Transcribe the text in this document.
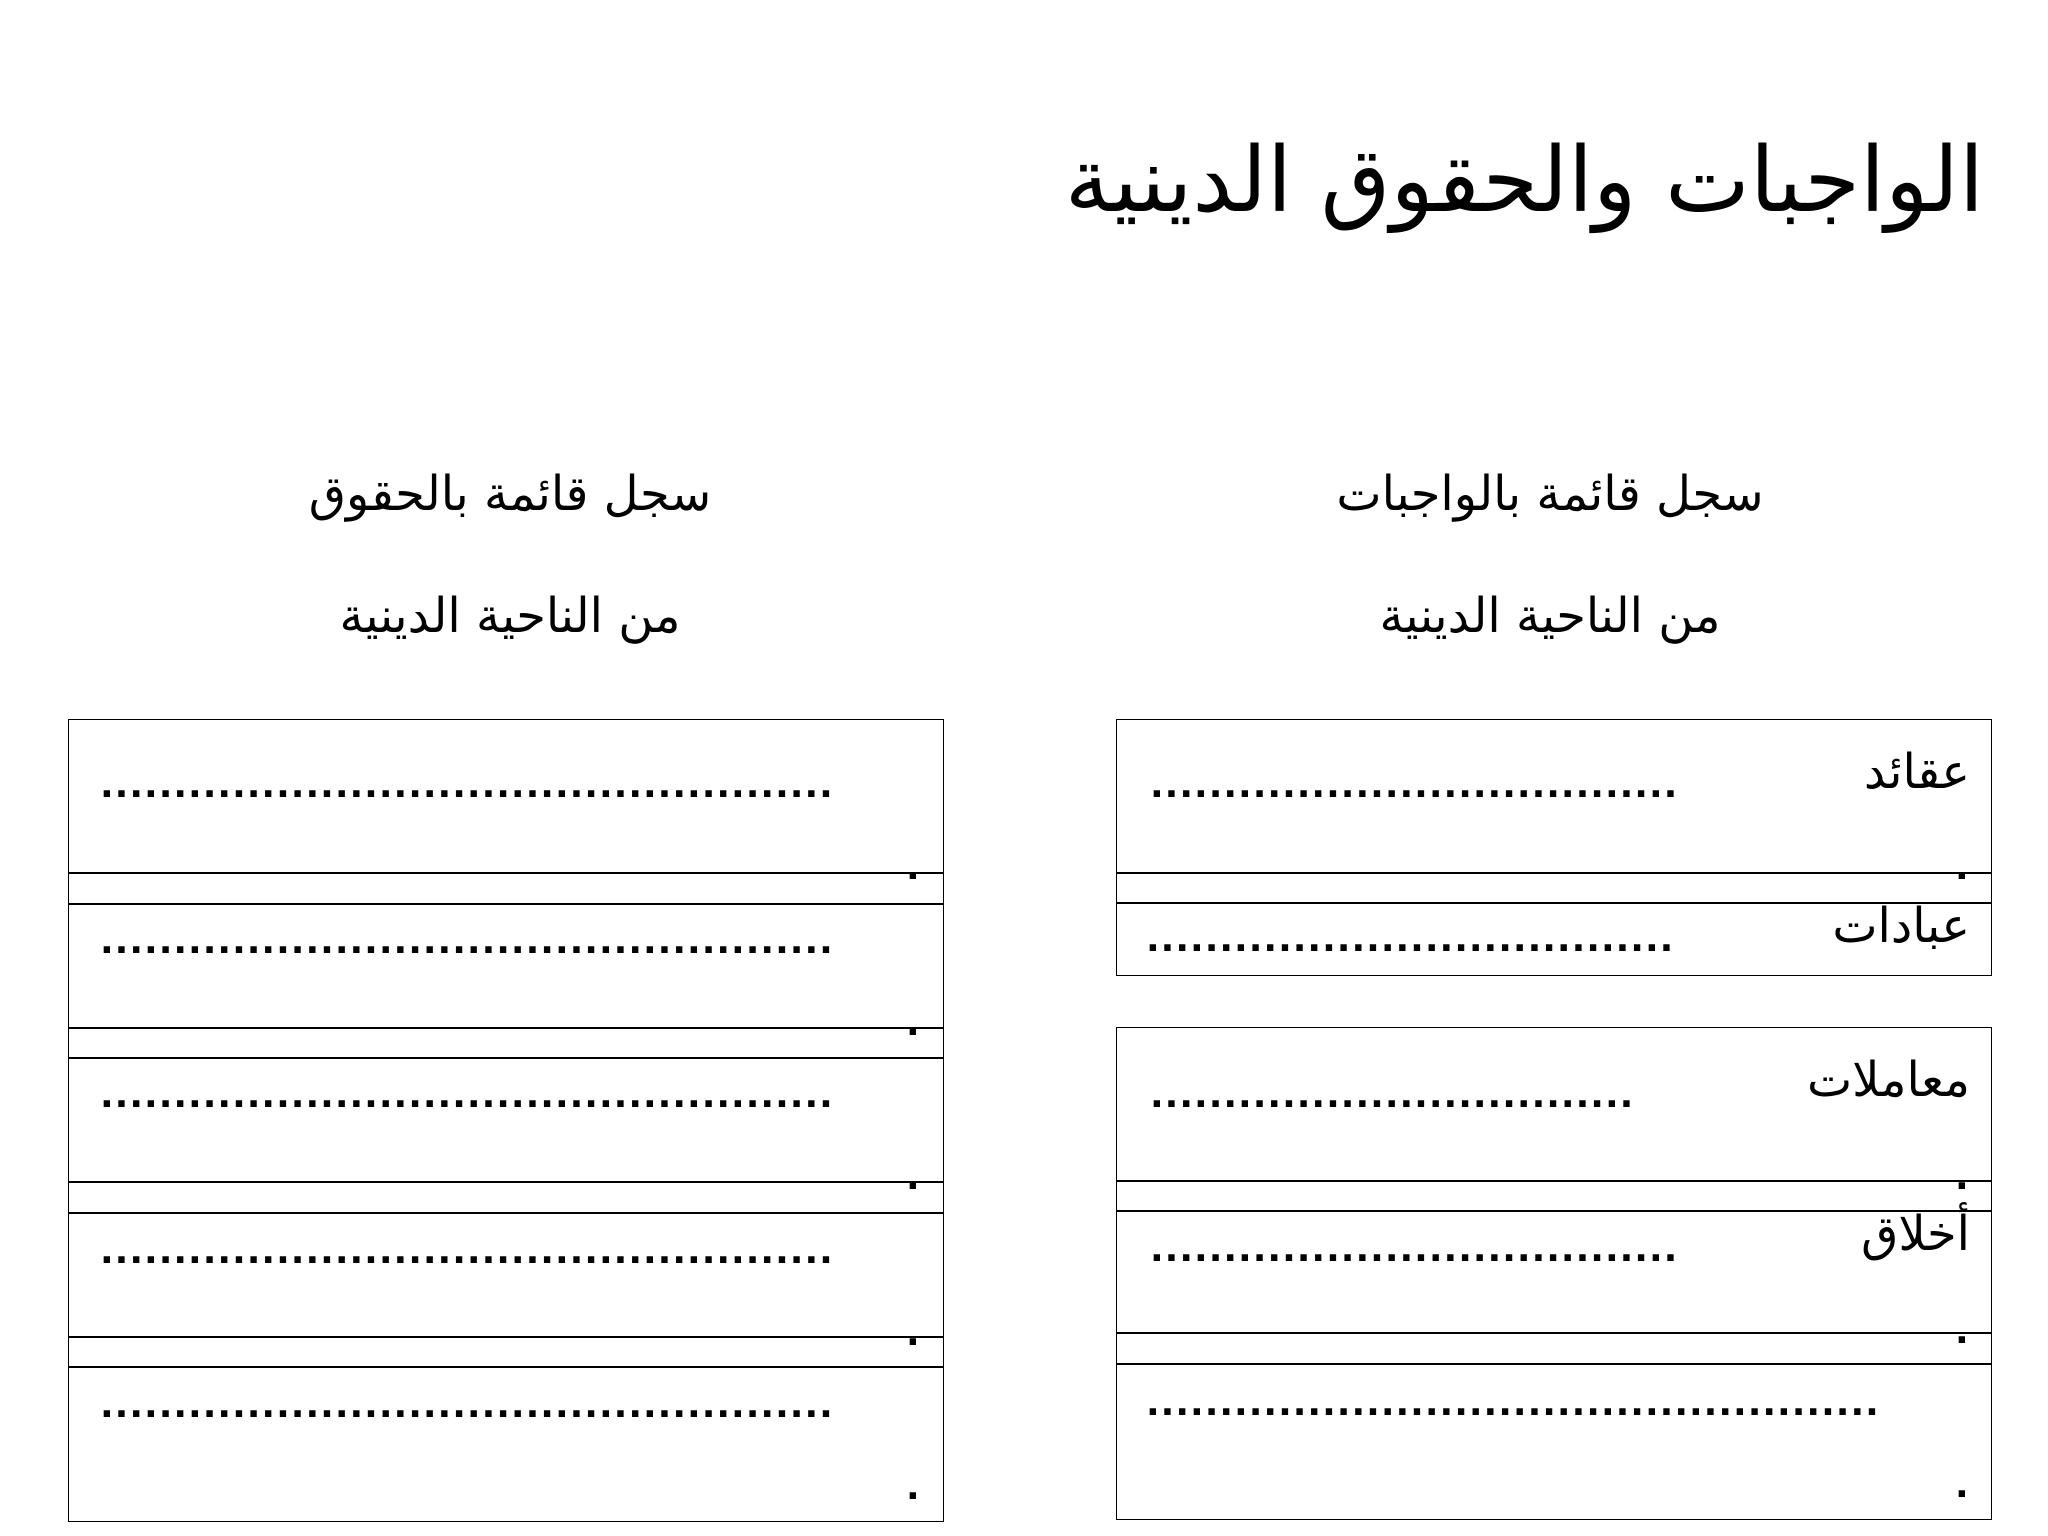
الواجبات والحقوق الدينية
سجل قائمة بالواجبات
من الناحية الدينية
سجل قائمة بالحقوق
من الناحية الدينية
عقائد
عبادات
معاملات
أخلاق
....................................
.
....................................
.................................
.
....................................
.
..................................................
.
..................................................
.
..................................................
.
..................................................
.
..................................................
.
..................................................
.
